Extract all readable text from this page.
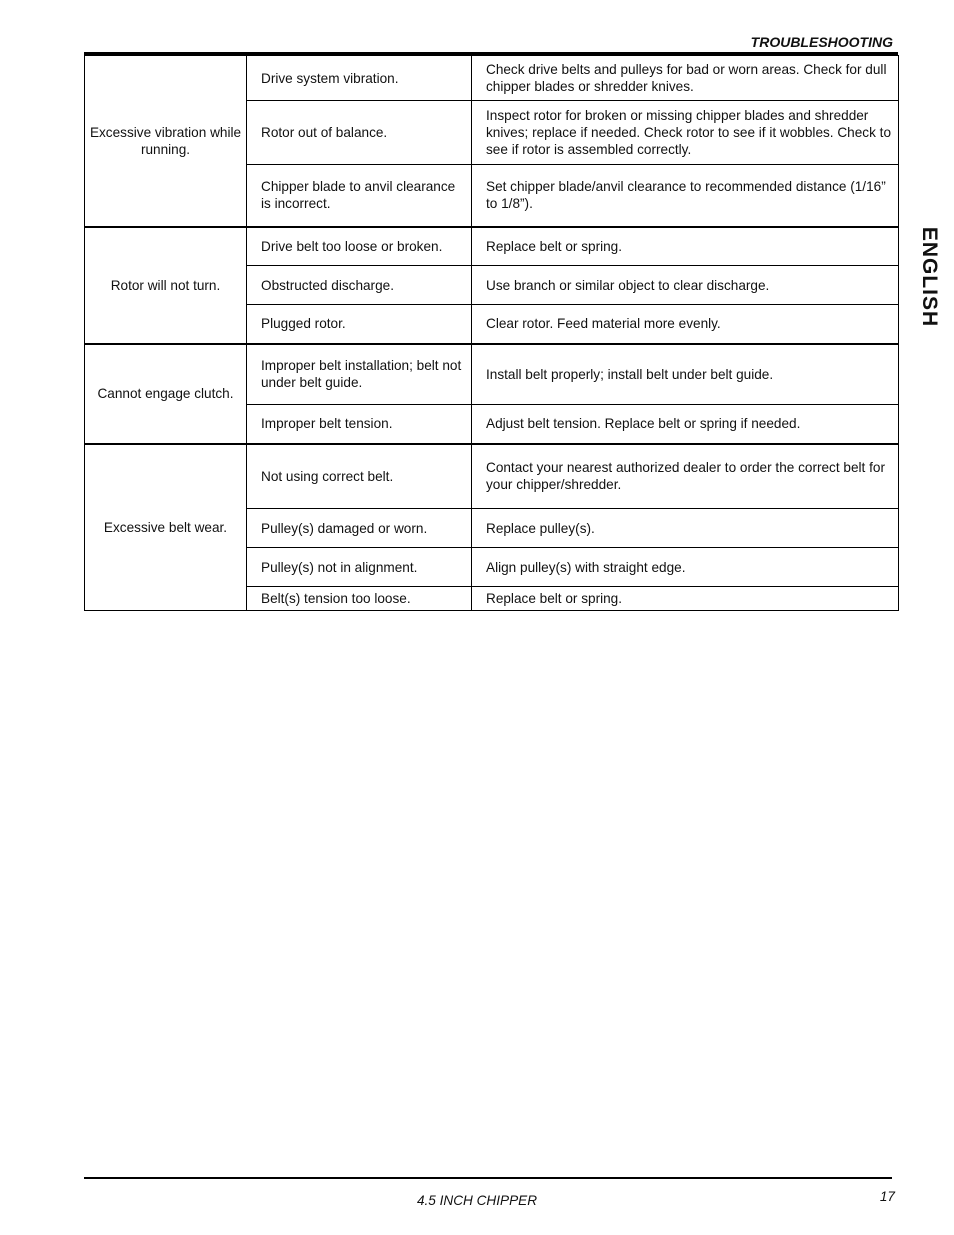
TROUBLESHOOTING
ENGLISH
Excessive vibration while running.	Drive system vibration.	Check drive belts and pulleys for bad or worn areas. Check for dull chipper blades or shredder knives.
	Rotor out of balance.	Inspect rotor for broken or missing chipper blades and shredder knives; replace if needed. Check rotor to see if it wobbles. Check to see if rotor is assembled correctly.
	Chipper blade to anvil clearance is incorrect.	Set chipper blade/anvil clearance to recommended distance (1/16” to 1/8”).
Rotor will not turn.	Drive belt too loose or broken.	Replace belt or spring.
	Obstructed discharge.	Use branch or similar object to clear discharge.
	Plugged rotor.	Clear rotor. Feed material more evenly.
Cannot engage clutch.	Improper belt installation; belt not under belt guide.	Install belt properly; install belt under belt guide.
	Improper belt tension.	Adjust belt tension. Replace belt or spring if needed.
Excessive belt wear.	Not using correct belt.	Contact your nearest authorized dealer to order the correct belt for your chipper/shredder.
	Pulley(s) damaged or worn.	Replace pulley(s).
	Pulley(s) not in alignment.	Align pulley(s) with straight edge.
	Belt(s) tension too loose.	Replace belt or spring.
4.5 INCH CHIPPER	17
